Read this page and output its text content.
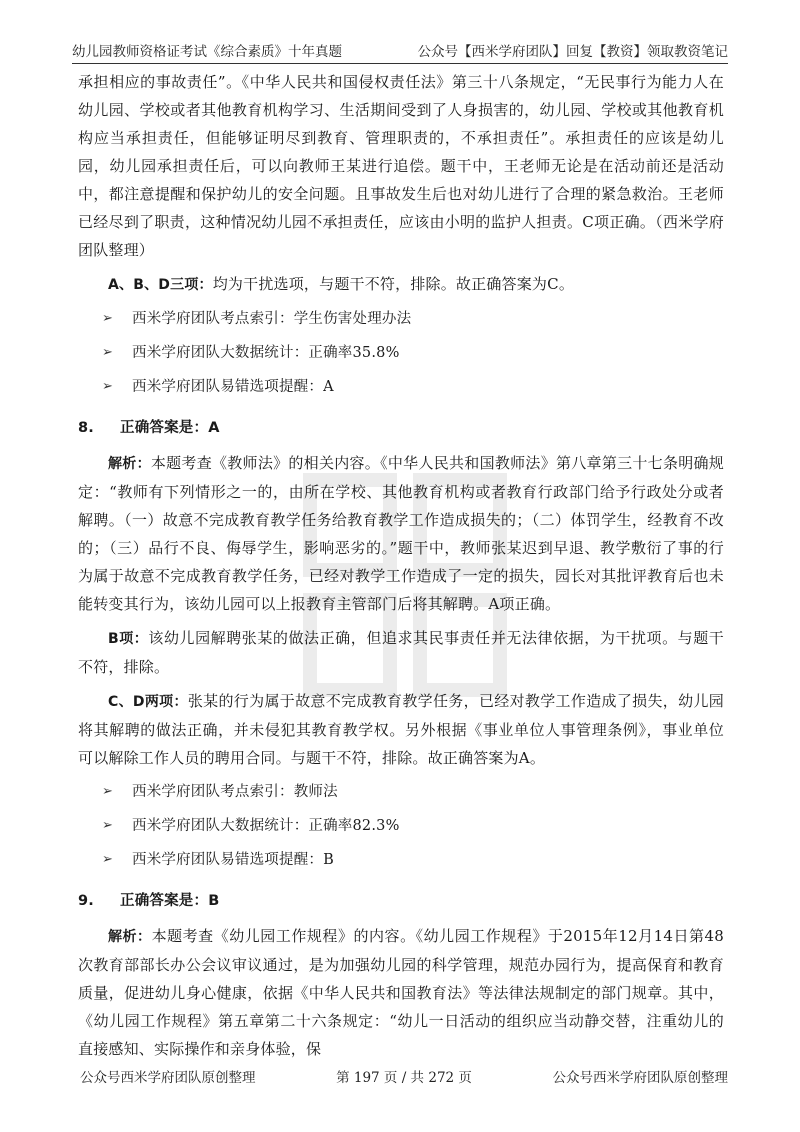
幼儿园教师资格证考试《综合素质》十年真题	公众号【西米学府团队】回复【教资】领取教资笔记

承担相应的事故责任”。《中华人民共和国侵权责任法》第三十八条规定，“无民事行为能力人在幼儿园、学校或者其他教育机构学习、生活期间受到了人身损害的，幼儿园、学校或其他教育机构应当承担责任，但能够证明尽到教育、管理职责的，不承担责任”。承担责任的应该是幼儿园，幼儿园承担责任后，可以向教师王某进行追偿。题干中，王老师无论是在活动前还是活动中，都注意提醒和保护幼儿的安全问题。且事故发生后也对幼儿进行了合理的紧急救治。王老师已经尽到了职责，这种情况幼儿园不承担责任，应该由小明的监护人担责。C项正确。（西米学府团队整理）

A、B、D三项：均为干扰选项，与题干不符，排除。故正确答案为C。

➢	西米学府团队考点索引：学生伤害处理办法
➢	西米学府团队大数据统计：正确率35.8%
➢	西米学府团队易错选项提醒：A
8.	正确答案是：A

解析：本题考查《教师法》的相关内容。《中华人民共和国教师法》第八章第三十七条明确规定：“教师有下列情形之一的，由所在学校、其他教育机构或者教育行政部门给予行政处分或者解聘。（一）故意不完成教育教学任务给教育教学工作造成损失的；（二）体罚学生，经教育不改的；（三）品行不良、侮辱学生，影响恶劣的。”题干中，教师张某迟到早退、教学敷衍了事的行为属于故意不完成教育教学任务，已经对教学工作造成了一定的损失，园长对其批评教育后也未能转变其行为，该幼儿园可以上报教育主管部门后将其解聘。A项正确。

B项：该幼儿园解聘张某的做法正确，但追求其民事责任并无法律依据，为干扰项。与题干不符，排除。

C、D两项：张某的行为属于故意不完成教育教学任务，已经对教学工作造成了损失，幼儿园将其解聘的做法正确，并未侵犯其教育教学权。另外根据《事业单位人事管理条例》，事业单位可以解除工作人员的聘用合同。与题干不符，排除。故正确答案为A。

➢	西米学府团队考点索引：教师法
➢	西米学府团队大数据统计：正确率82.3%
➢	西米学府团队易错选项提醒：B
9.	正确答案是：B

解析：本题考查《幼儿园工作规程》的内容。《幼儿园工作规程》于2015年12月14日第48次教育部部长办公会议审议通过，是为加强幼儿园的科学管理，规范办园行为，提高保育和教育质量，促进幼儿身心健康，依据《中华人民共和国教育法》等法律法规制定的部门规章。其中，《幼儿园工作规程》第五章第二十六条规定：“幼儿一日活动的组织应当动静交替，注重幼儿的直接感知、实际操作和亲身体验，保

公众号西米学府团队原创整理	第 197 页 / 共 272 页	公众号西米学府团队原创整理
